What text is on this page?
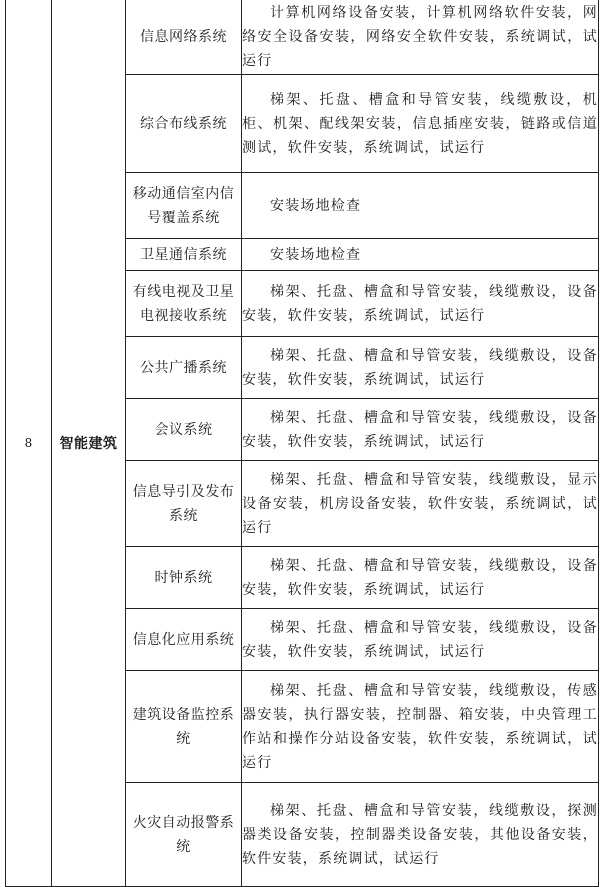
8	智能建筑	信息网络系统	计算机网络设备安装，计算机网络软件安装，网络安全设备安装，网络安全软件安装，系统调试，试运行

		综合布线系统	梯架、托盘、槽盒和导管安装，线缆敷设，机柜、机架、配线架安装，信息插座安装，链路或信道测试，软件安装，系统调试，试运行

		移动通信室内信号覆盖系统	安装场地检查

		卫星通信系统	安装场地检查

		有线电视及卫星电视接收系统	梯架、托盘、槽盒和导管安装，线缆敷设，设备安装，软件安装，系统调试，试运行

		公共广播系统	梯架、托盘、槽盒和导管安装，线缆敷设，设备安装，软件安装，系统调试，试运行

		会议系统	梯架、托盘、槽盒和导管安装，线缆敷设，设备安装，软件安装，系统调试，试运行

		信息导引及发布系统	梯架、托盘、槽盒和导管安装，线缆敷设，显示设备安装，机房设备安装，软件安装，系统调试，试运行

		时钟系统	梯架、托盘、槽盒和导管安装，线缆敷设，设备安装，软件安装，系统调试，试运行

		信息化应用系统	梯架、托盘、槽盒和导管安装，线缆敷设，设备安装，软件安装，系统调试，试运行

		建筑设备监控系统	梯架、托盘、槽盒和导管安装，线缆敷设，传感器安装，执行器安装，控制器、箱安装，中央管理工作站和操作分站设备安装，软件安装，系统调试，试运行

		火灾自动报警系统	梯架、托盘、槽盒和导管安装，线缆敷设，探测器类设备安装，控制器类设备安装，其他设备安装，软件安装，系统调试，试运行
